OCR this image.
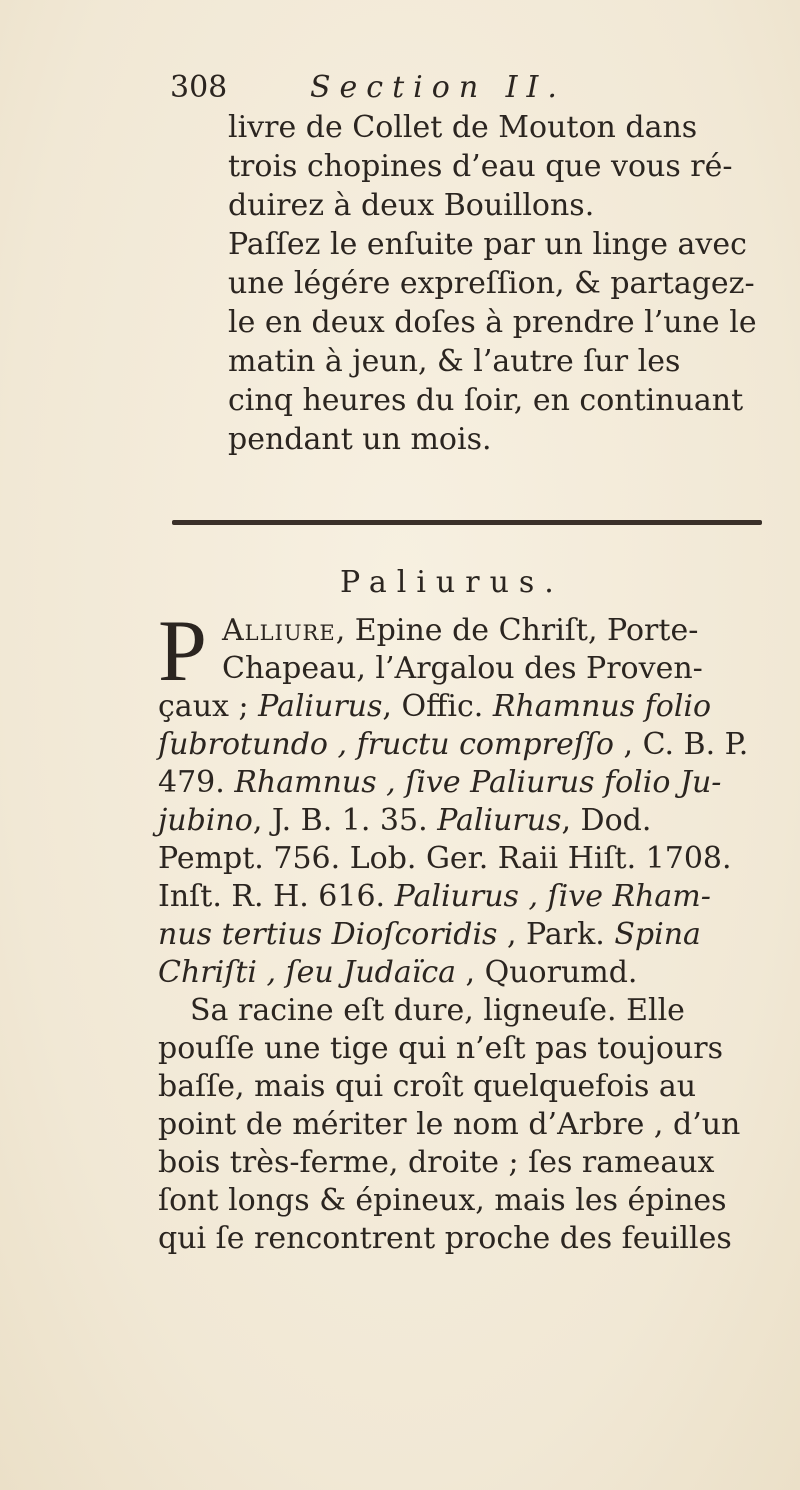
308	Section II.
livre de Collet de Mouton dans
trois chopines d’eau que vous ré-
duirez à deux Bouillons.
Paſſez le enſuite par un linge avec
une légére expreſſion, & partagez-
le en deux doſes à prendre l’une le
matin à jeun, & l’autre ſur les
cinq heures du ſoir, en continuant
pendant un mois.
Paliurus.
P Alliure, Epine de Chriſt, Porte-
Chapeau, l’Argalou des Proven-
çaux ; Paliurus, Offic. Rhamnus folio
ſubrotundo , fructu compreſſo , C. B. P.
479. Rhamnus , ſive Paliurus folio Ju-
jubino, J. B. 1. 35. Paliurus, Dod.
Pempt. 756. Lob. Ger. Raii Hiſt. 1708.
Inſt. R. H. 616. Paliurus , ſive Rham-
nus tertius Dioſcoridis , Park. Spina
Chriſti , ſeu Judaïca , Quorumd.
Sa racine eſt dure, ligneuſe. Elle
pouſſe une tige qui n’eſt pas toujours
baſſe, mais qui croît quelquefois au
point de mériter le nom d’Arbre , d’un
bois très-ferme, droite ; ſes rameaux
ſont longs & épineux, mais les épines
qui ſe rencontrent proche des feuilles
